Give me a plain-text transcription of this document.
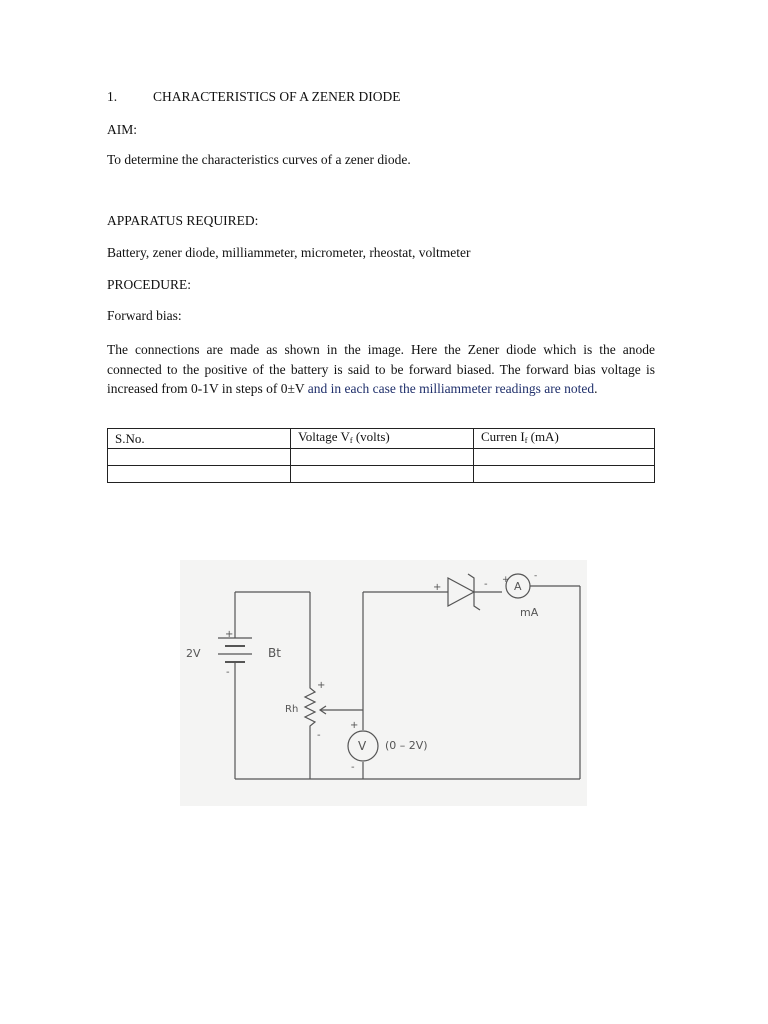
1.	CHARACTERISTICS OF A ZENER DIODE
AIM:
To determine the characteristics curves of a zener diode.
APPARATUS REQUIRED:
Battery, zener diode, milliammeter, micrometer, rheostat, voltmeter
PROCEDURE:
Forward bias:
The connections are made as shown in the image. Here the Zener diode which is the anode connected to the positive of the battery is said to be forward biased. The forward bias voltage is increased from 0-1V in steps of 0±V and in each case the milliammeter readings are noted.
S.No.	Voltage $V_f$ (volts)	Curren $I_f$ (mA)

2V	Bt
+
-
Rh
+
-
V (0 – 2V)
+
-
+	- A
mA
+	-
